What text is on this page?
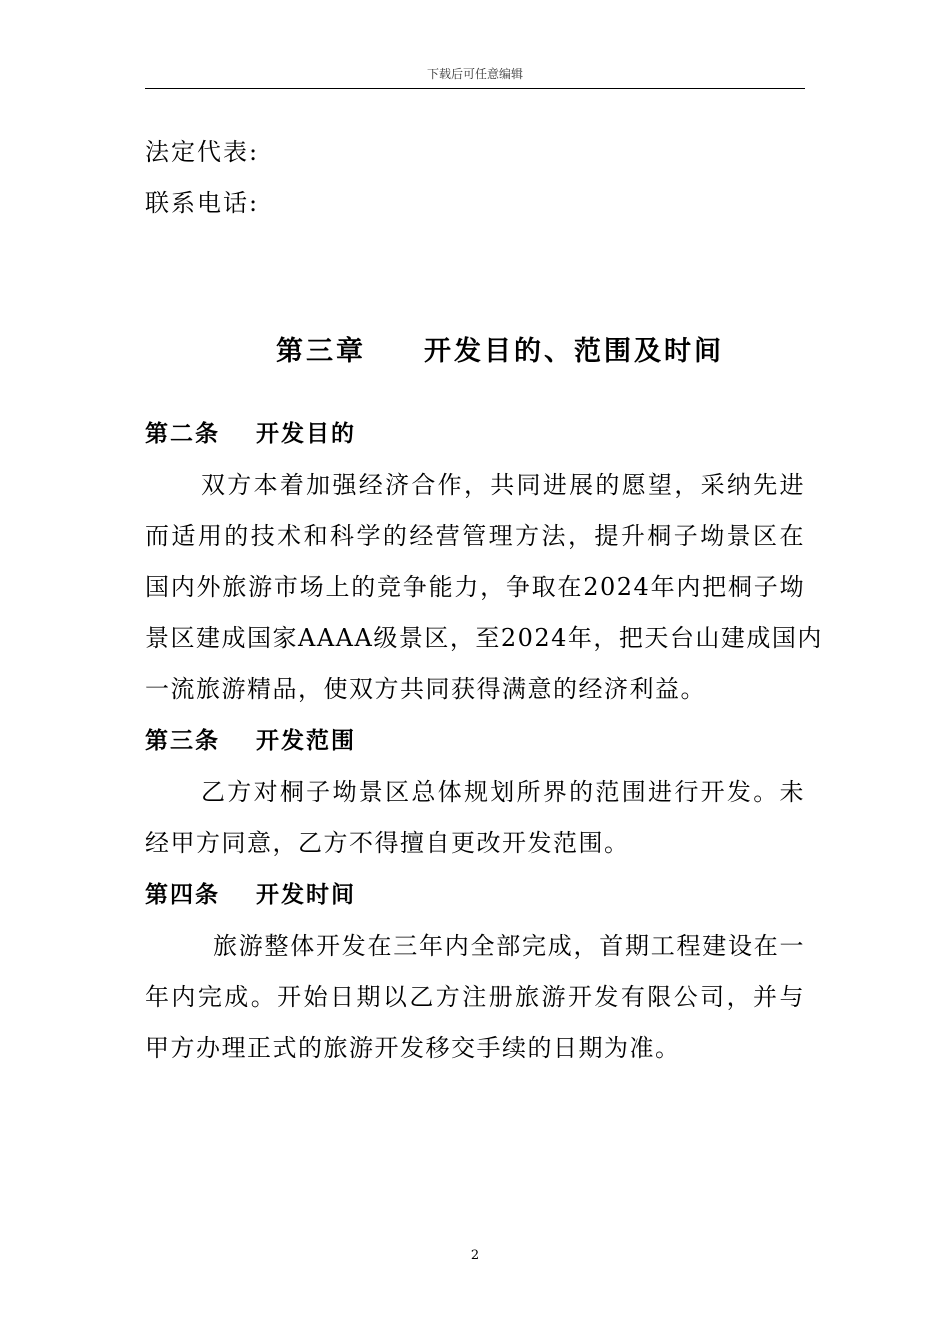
下载后可任意编辑
法定代表:
联系电话:
第三章 开发目的、范围及时间
第二条 开发目的
双方本着加强经济合作，共同进展的愿望，采纳先进
而适用的技术和科学的经营管理方法，提升桐子坳景区在
国内外旅游市场上的竞争能力，争取在2024年内把桐子坳
景区建成国家AAAA级景区，至2024年，把天台山建成国内
一流旅游精品，使双方共同获得满意的经济利益。
第三条 开发范围
乙方对桐子坳景区总体规划所界的范围进行开发。未
经甲方同意，乙方不得擅自更改开发范围。
第四条 开发时间
旅游整体开发在三年内全部完成，首期工程建设在一
年内完成。开始日期以乙方注册旅游开发有限公司，并与
甲方办理正式的旅游开发移交手续的日期为准。
2
